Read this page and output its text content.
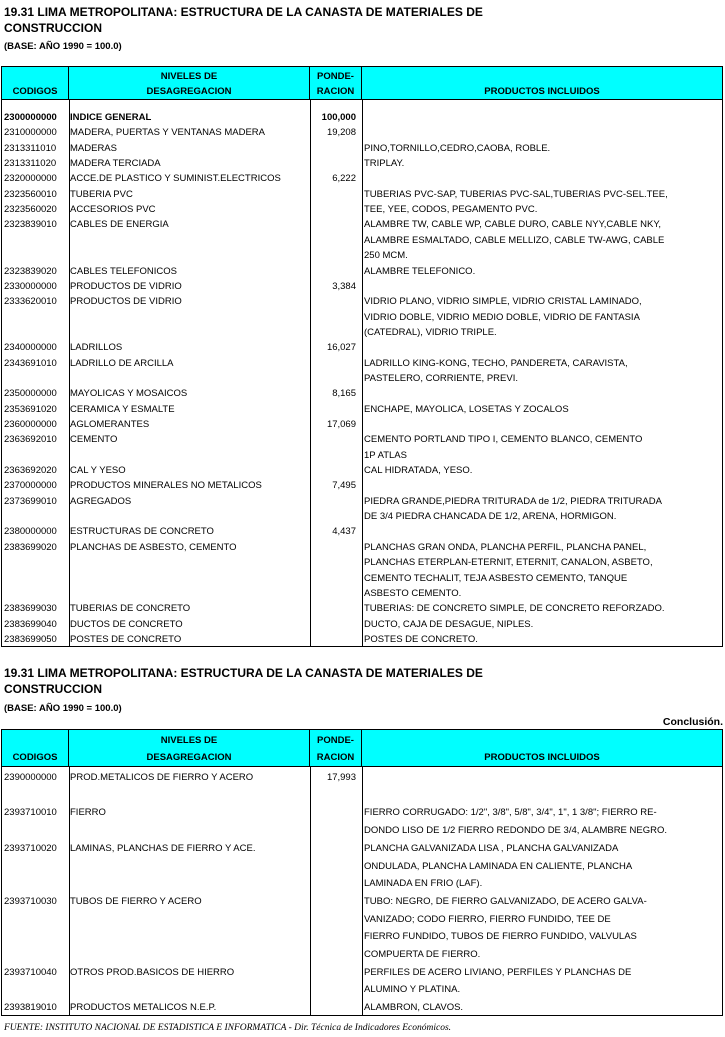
19.31 LIMA METROPOLITANA: ESTRUCTURA DE LA CANASTA DE MATERIALES DE
CONSTRUCCION
(BASE: AÑO 1990 = 100.0)
CODIGOS
NIVELES DE
DESAGREGACION
PONDE-
RACION	PRODUCTOS INCLUIDOS
2300000000 INDICE GENERAL	100,000
2310000000 MADERA, PUERTAS Y VENTANAS MADERA	19,208
2313311010 MADERAS	PINO,TORNILLO,CEDRO,CAOBA, ROBLE.
2313311020 MADERA TERCIADA	TRIPLAY.
2320000000 ACCE.DE PLASTICO Y SUMINIST.ELECTRICOS	6,222
2323560010 TUBERIA PVC	TUBERIAS PVC-SAP, TUBERIAS PVC-SAL,TUBERIAS PVC-SEL.TEE,
2323560020 ACCESORIOS PVC	TEE, YEE, CODOS, PEGAMENTO PVC.
2323839010 CABLES DE ENERGIA	ALAMBRE TW, CABLE WP, CABLE DURO, CABLE NYY,CABLE NKY,
ALAMBRE ESMALTADO, CABLE MELLIZO, CABLE TW-AWG, CABLE
250 MCM.
2323839020 CABLES TELEFONICOS	ALAMBRE TELEFONICO.
2330000000 PRODUCTOS DE VIDRIO	3,384
2333620010 PRODUCTOS DE VIDRIO	VIDRIO PLANO, VIDRIO SIMPLE, VIDRIO CRISTAL LAMINADO,
VIDRIO DOBLE, VIDRIO MEDIO DOBLE, VIDRIO DE FANTASIA
(CATEDRAL), VIDRIO TRIPLE.
2340000000 LADRILLOS	16,027
2343691010 LADRILLO DE ARCILLA	LADRILLO KING-KONG, TECHO, PANDERETA, CARAVISTA,
PASTELERO, CORRIENTE, PREVI.
2350000000 MAYOLICAS Y MOSAICOS	8,165
2353691020 CERAMICA Y ESMALTE	ENCHAPE, MAYOLICA, LOSETAS Y ZOCALOS
2360000000 AGLOMERANTES	17,069
2363692010 CEMENTO	CEMENTO PORTLAND TIPO I, CEMENTO BLANCO, CEMENTO
1P ATLAS
2363692020 CAL Y YESO	CAL HIDRATADA, YESO.
2370000000 PRODUCTOS MINERALES NO METALICOS	7,495
2373699010 AGREGADOS	PIEDRA GRANDE,PIEDRA TRITURADA de 1/2, PIEDRA TRITURADA
DE 3/4 PIEDRA CHANCADA DE 1/2, ARENA, HORMIGON.
2380000000 ESTRUCTURAS DE CONCRETO	4,437
2383699020 PLANCHAS DE ASBESTO, CEMENTO	PLANCHAS GRAN ONDA, PLANCHA PERFIL, PLANCHA PANEL,
PLANCHAS ETERPLAN-ETERNIT, ETERNIT, CANALON, ASBETO,
CEMENTO TECHALIT, TEJA ASBESTO CEMENTO, TANQUE
ASBESTO CEMENTO.
2383699030 TUBERIAS DE CONCRETO	TUBERIAS: DE CONCRETO SIMPLE, DE CONCRETO REFORZADO.
2383699040 DUCTOS DE CONCRETO	DUCTO, CAJA DE DESAGUE, NIPLES.
2383699050 POSTES DE CONCRETO	POSTES DE CONCRETO.
19.31 LIMA METROPOLITANA: ESTRUCTURA DE LA CANASTA DE MATERIALES DE
CONSTRUCCION
(BASE: AÑO 1990 = 100.0)
Conclusión.
CODIGOS
NIVELES DE
DESAGREGACION
PONDE-
RACION	PRODUCTOS INCLUIDOS
2390000000 PROD.METALICOS DE FIERRO Y ACERO	17,993
2393710010 FIERRO	FIERRO CORRUGADO: 1/2", 3/8", 5/8", 3/4", 1", 1 3/8"; FIERRO RE-
DONDO LISO DE 1/2 FIERRO REDONDO DE 3/4, ALAMBRE NEGRO.
2393710020 LAMINAS, PLANCHAS DE FIERRO Y ACE.	PLANCHA GALVANIZADA LISA , PLANCHA GALVANIZADA
ONDULADA, PLANCHA LAMINADA EN CALIENTE, PLANCHA
LAMINADA EN FRIO (LAF).
2393710030 TUBOS DE FIERRO Y ACERO	TUBO: NEGRO, DE FIERRO GALVANIZADO, DE ACERO GALVA-
VANIZADO; CODO FIERRO, FIERRO FUNDIDO, TEE DE
FIERRO FUNDIDO, TUBOS DE FIERRO FUNDIDO, VALVULAS
COMPUERTA DE FIERRO.
2393710040 OTROS PROD.BASICOS DE HIERRO	PERFILES DE ACERO LIVIANO, PERFILES Y PLANCHAS DE
ALUMINO Y PLATINA.
2393819010 PRODUCTOS METALICOS N.E.P.	ALAMBRON, CLAVOS.
FUENTE: INSTITUTO NACIONAL DE ESTADISTICA E INFORMATICA - Dir. Técnica de Indicadores Económicos.
